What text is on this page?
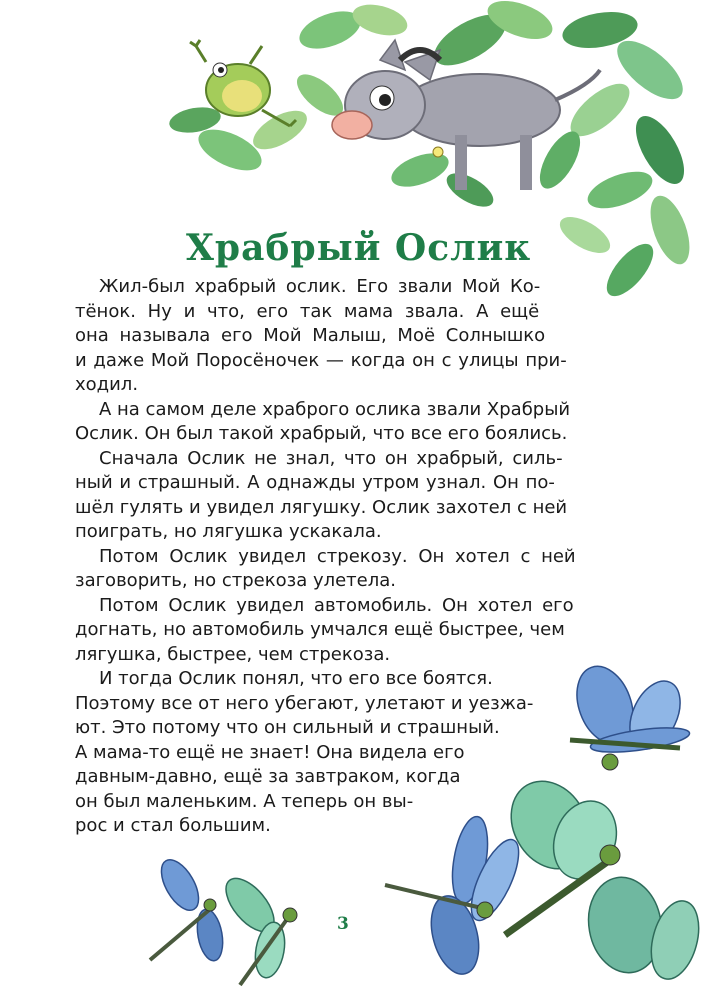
Храбрый Ослик
Жил-был храбрый ослик. Его звали Мой Ко-
тёнок. Ну и что, его так мама звала. А ещё
она называла его Мой Малыш, Моё Солнышко
и даже Мой Поросёночек — когда он с улицы при-
ходил.
А на самом деле храброго ослика звали Храбрый
Ослик. Он был такой храбрый, что все его боялись.
Сначала Ослик не знал, что он храбрый, силь-
ный и страшный. А однажды утром узнал. Он по-
шёл гулять и увидел лягушку. Ослик захотел с ней
поиграть, но лягушка ускакала.
Потом Ослик увидел стрекозу. Он хотел с ней
заговорить, но стрекоза улетела.
Потом Ослик увидел автомобиль. Он хотел его
догнать, но автомобиль умчался ещё быстрее, чем
лягушка, быстрее, чем стрекоза.
И тогда Ослик понял, что его все боятся.
Поэтому все от него убегают, улетают и уезжа-
ют. Это потому что он сильный и страшный.
А мама-то ещё не знает! Она видела его
давным-давно, ещё за завтраком, когда
он был маленьким. А теперь он вы-
рос и стал большим.
3
